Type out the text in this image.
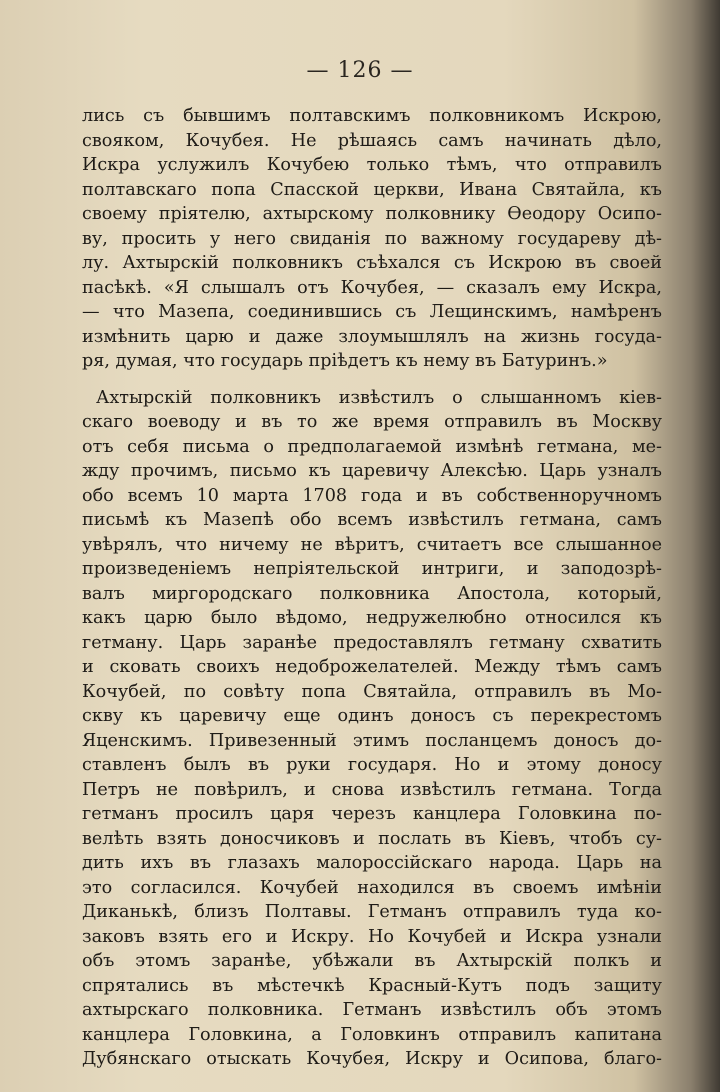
— 126 —
лись съ бывшимъ полтавскимъ полковникомъ Искрою,
свояком, Кочубея. Не рѣшаясь самъ начинать дѣло,
Искра услужилъ Кочубею только тѣмъ, что отправилъ
полтавскаго попа Спасской церкви, Ивана Святайла, къ
своему пріятелю, ахтырскому полковнику Ѳеодору Осипо-
ву, просить у него свиданія по важному государеву дѣ-
лу. Ахтырскій полковникъ съѣхался съ Искрою въ своей
пасѣкѣ. «Я слышалъ отъ Кочубея, — сказалъ ему Искра,
— что Мазепа, соединившись съ Лещинскимъ, намѣренъ
измѣнить царю и даже злоумышлялъ на жизнь госуда-
ря, думая, что государь пріѣдетъ къ нему въ Батуринъ.»
Ахтырскій полковникъ извѣстилъ о слышанномъ кіев-
скаго воеводу и въ то же время отправилъ въ Москву
отъ себя письма о предполагаемой измѣнѣ гетмана, ме-
жду прочимъ, письмо къ царевичу Алексѣю. Царь узналъ
обо всемъ 10 марта 1708 года и въ собственноручномъ
письмѣ къ Мазепѣ обо всемъ извѣстилъ гетмана, самъ
увѣрялъ, что ничему не вѣритъ, считаетъ все слышанное
произведеніемъ непріятельской интриги, и заподозрѣ-
валъ миргородскаго полковника Апостола, который,
какъ царю было вѣдомо, недружелюбно относился къ
гетману. Царь заранѣе предоставлялъ гетману схватить
и сковать своихъ недоброжелателей. Между тѣмъ самъ
Кочубей, по совѣту попа Святайла, отправилъ въ Мо-
скву къ царевичу еще одинъ доносъ съ перекрестомъ
Яценскимъ. Привезенный этимъ посланцемъ доносъ до-
ставленъ былъ въ руки государя. Но и этому доносу
Петръ не повѣрилъ, и снова извѣстилъ гетмана. Тогда
гетманъ просилъ царя черезъ канцлера Головкина по-
велѣть взять доносчиковъ и послать въ Кіевъ, чтобъ су-
дить ихъ въ глазахъ малороссійскаго народа. Царь на
это согласился. Кочубей находился въ своемъ имѣніи
Диканькѣ, близъ Полтавы. Гетманъ отправилъ туда ко-
заковъ взять его и Искру. Но Кочубей и Искра узнали
объ этомъ заранѣе, убѣжали въ Ахтырскій полкъ и
спрятались въ мѣстечкѣ Красный-Кутъ подъ защиту
ахтырскаго полковника. Гетманъ извѣстилъ объ этомъ
канцлера Головкина, а Головкинъ отправилъ капитана
Дубянскаго отыскать Кочубея, Искру и Осипова, благо-
